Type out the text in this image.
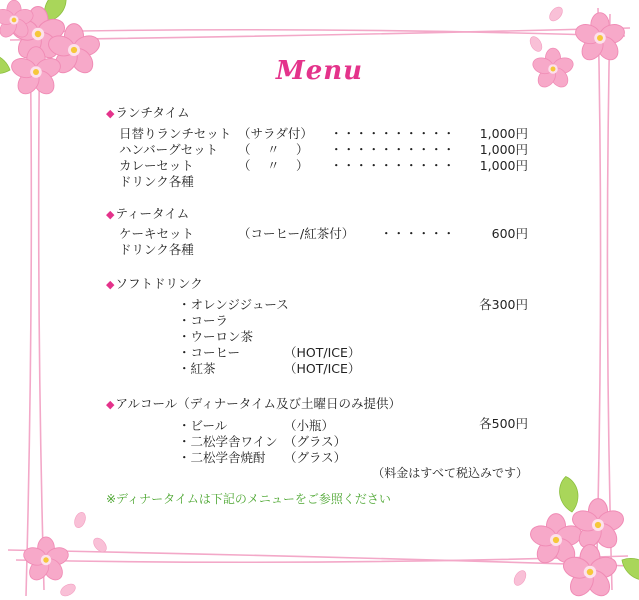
Menu
◆ランチタイム
日替りランチセット （サラダ付） ・・・・・・・・・・	1,000円
ハンバーグセット （　 〃　 ） ・・・・・・・・・・	1,000円
カレーセット	（　 〃　 ） ・・・・・・・・・・	1,000円
ドリンク各種
◆ティータイム
ケーキセット	（コーヒー/紅茶付） ・・・・・・	600円
ドリンク各種
◆ソフトドリンク
各300円
・オレンジジュース
・コーラ
・ウーロン茶
・コーヒー	（HOT/ICE）
・紅茶	（HOT/ICE）
◆アルコール（ディナータイム及び土曜日のみ提供）
各500円
・ビール	（小瓶）
・二松学舎ワイン （グラス）
・二松学舎焼酎 （グラス）
（料金はすべて税込みです）
※ディナータイムは下記のメニューをご参照ください
